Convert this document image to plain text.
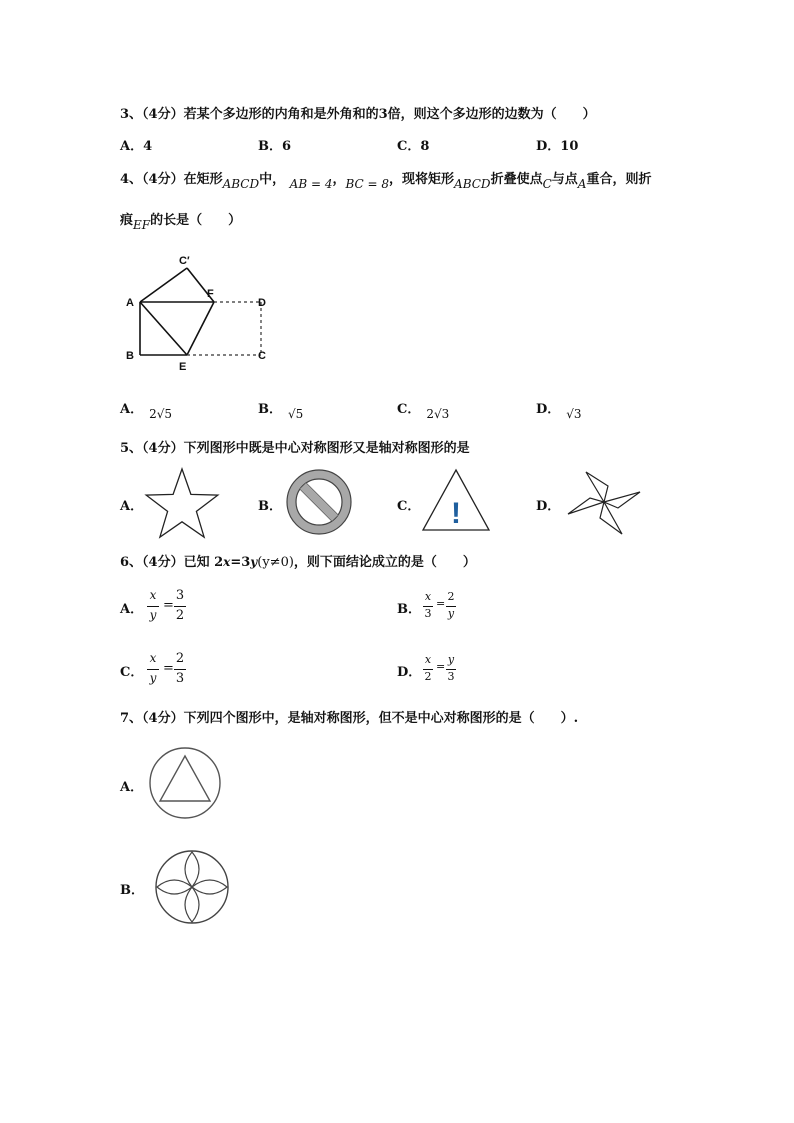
3、（4分）若某个多边形的内角和是外角和的3倍，则这个多边形的边数为（　　）
A．4	B．6	C．8	D．10
4、（4分）在矩形ABCD中， AB = 4，BC = 8，现将矩形ABCD折叠使点C与点A重合，则折
痕EF的长是（　　）
C′
A
F
D
B
E
C
A． 2√5	B． √5	C． 2√3	D． √3
5、（4分）下列图形中既是中心对称图形又是轴对称图形的是
A．	B．	C． !	D．
6、（4分）已知 2x=3y(y≠0)，则下面结论成立的是（　　）
A．
x
y
=
3
2	B．
x
3
=
2
y
C．
x
y
=
2
3	D．
x
2
=
y
3
7、（4分）下列四个图形中，是轴对称图形，但不是中心对称图形的是（　　）.
A．
B．
